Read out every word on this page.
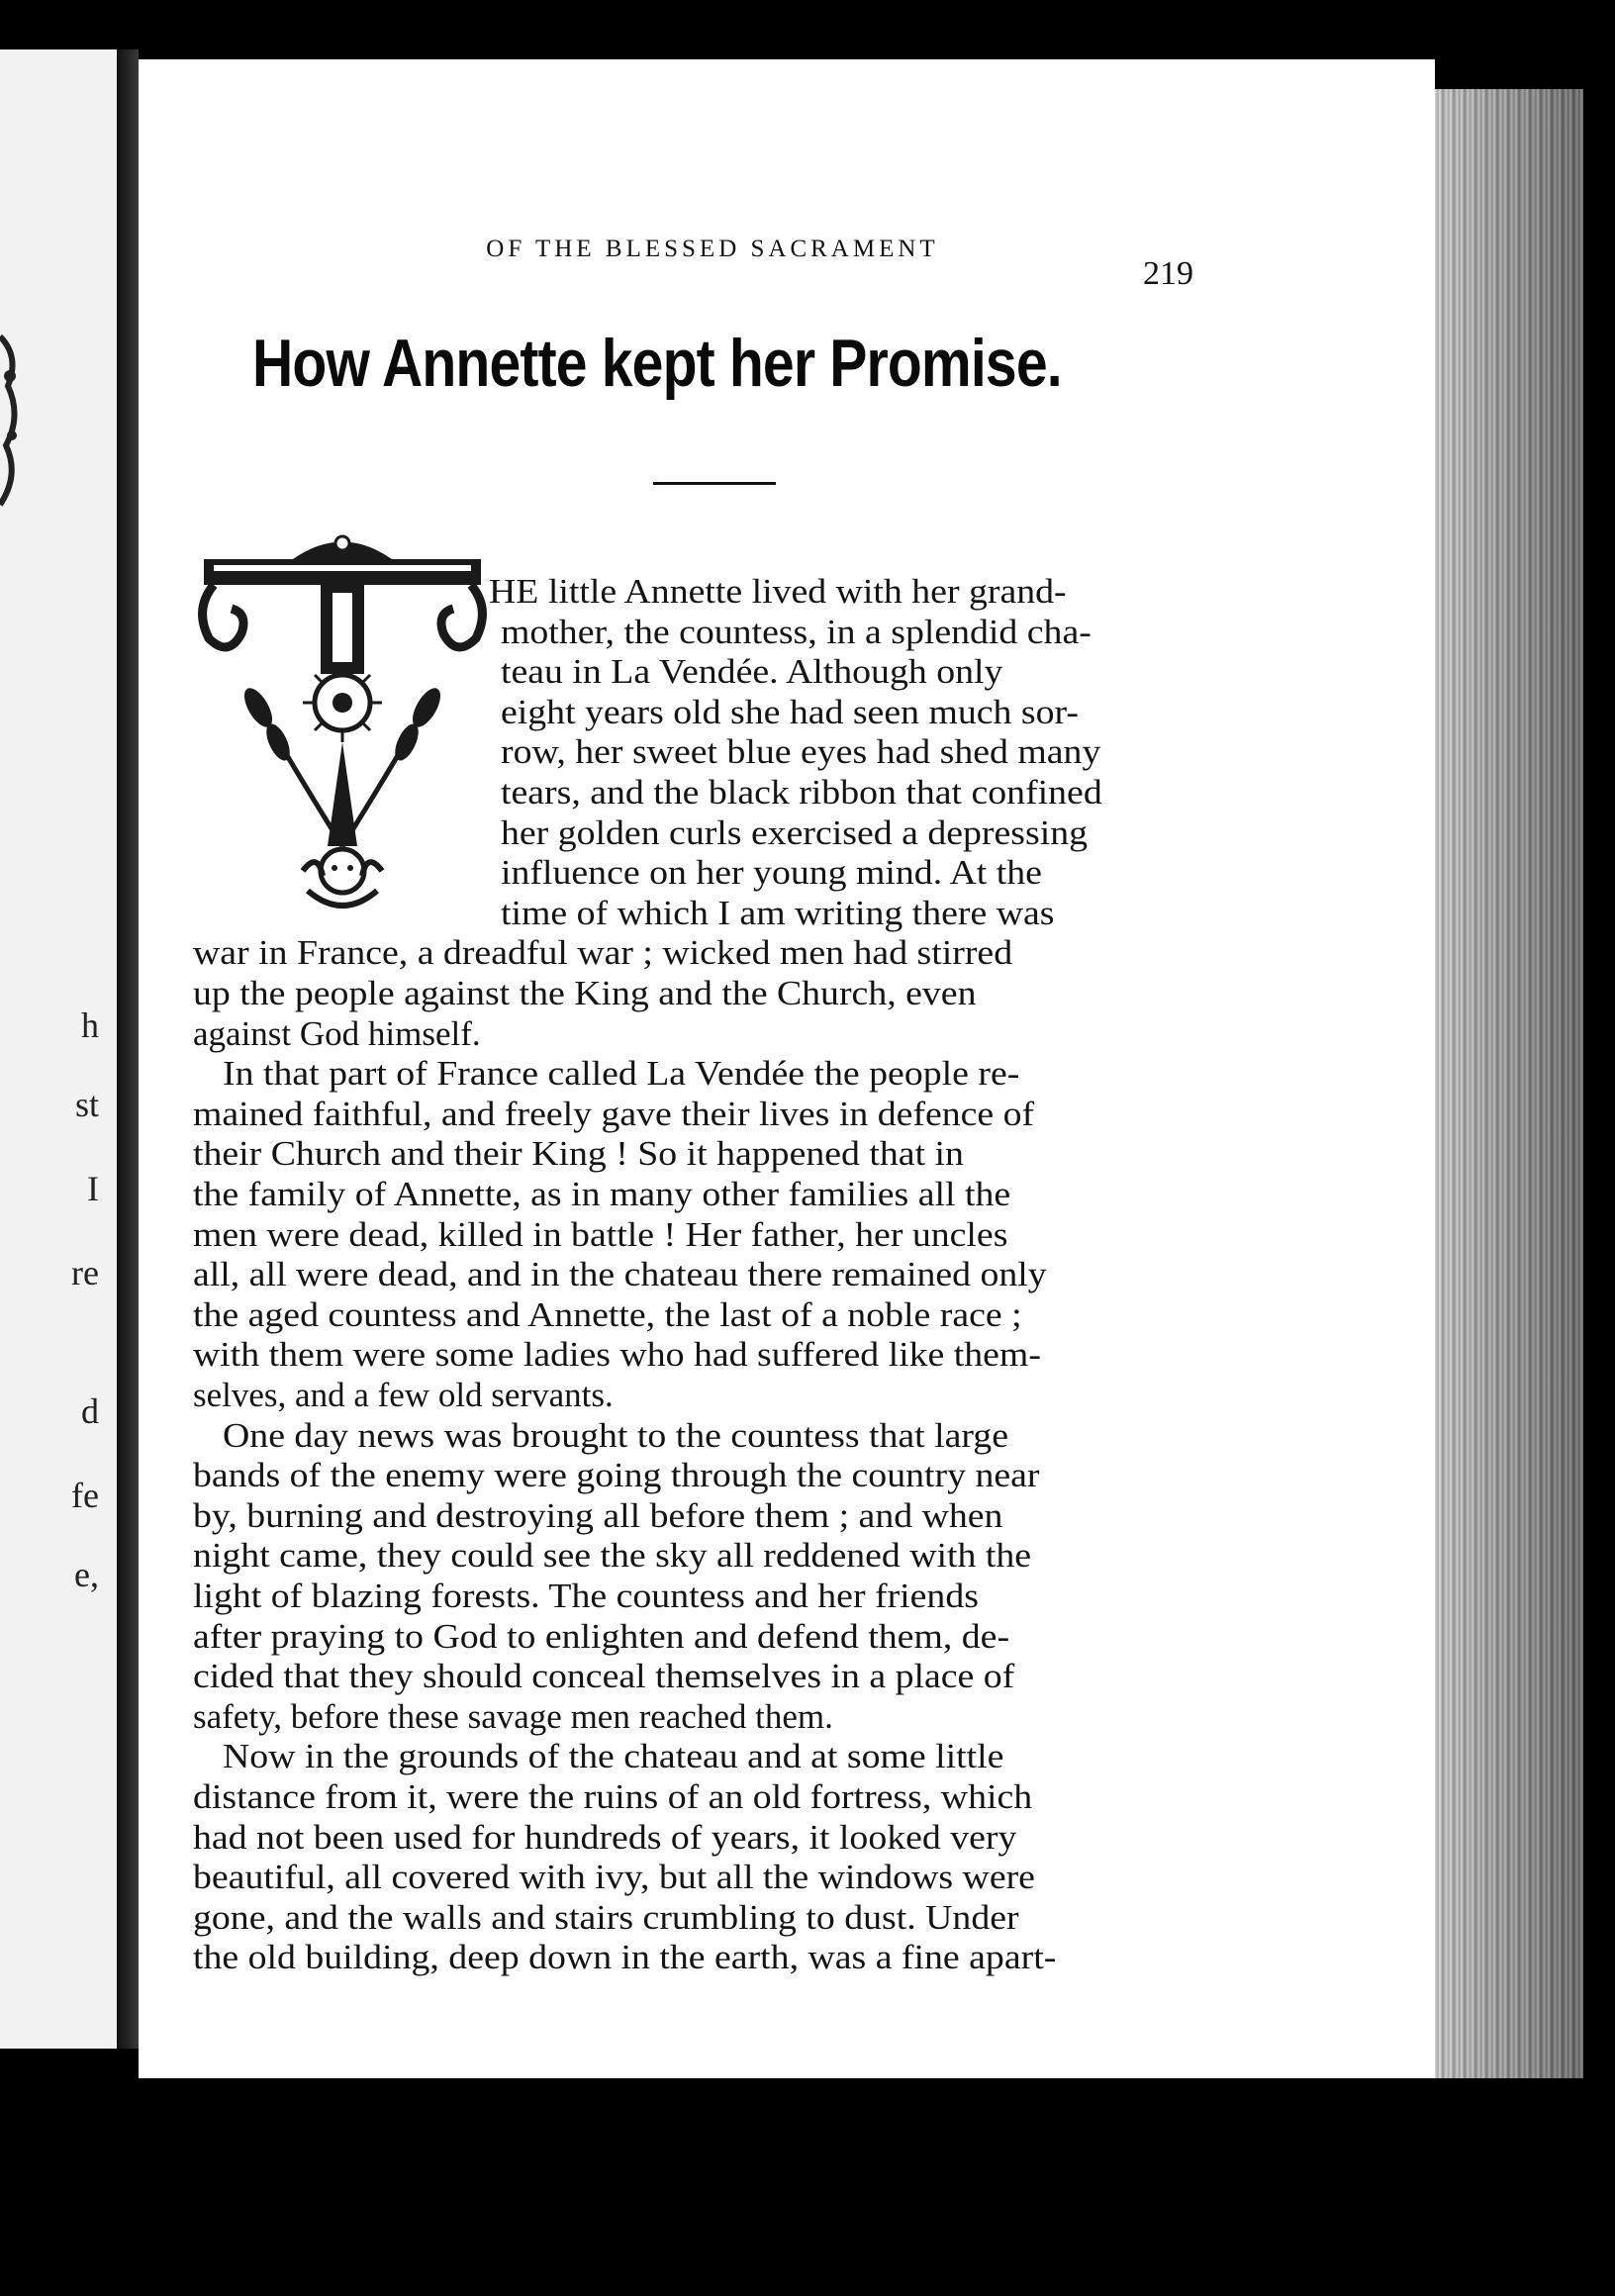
h
st
I
re
d
fe
e,
OF THE BLESSED SACRAMENT
219
How Annette kept her Promise.
HE little Annette lived with her grand-
mother, the countess, in a splendid cha-
teau in La Vendée. Although only
eight years old she had seen much sor-
row, her sweet blue eyes had shed many
tears, and the black ribbon that confined
her golden curls exercised a depressing
influence on her young mind. At the
time of which I am writing there was
war in France, a dreadful war ; wicked men had stirred
up the people against the King and the Church, even
against God himself.
In that part of France called La Vendée the people re-
mained faithful, and freely gave their lives in defence of
their Church and their King ! So it happened that in
the family of Annette, as in many other families all the
men were dead, killed in battle ! Her father, her uncles
all, all were dead, and in the chateau there remained only
the aged countess and Annette, the last of a noble race ;
with them were some ladies who had suffered like them-
selves, and a few old servants.
One day news was brought to the countess that large
bands of the enemy were going through the country near
by, burning and destroying all before them ; and when
night came, they could see the sky all reddened with the
light of blazing forests. The countess and her friends
after praying to God to enlighten and defend them, de-
cided that they should conceal themselves in a place of
safety, before these savage men reached them.
Now in the grounds of the chateau and at some little
distance from it, were the ruins of an old fortress, which
had not been used for hundreds of years, it looked very
beautiful, all covered with ivy, but all the windows were
gone, and the walls and stairs crumbling to dust. Under
the old building, deep down in the earth, was a fine apart-
